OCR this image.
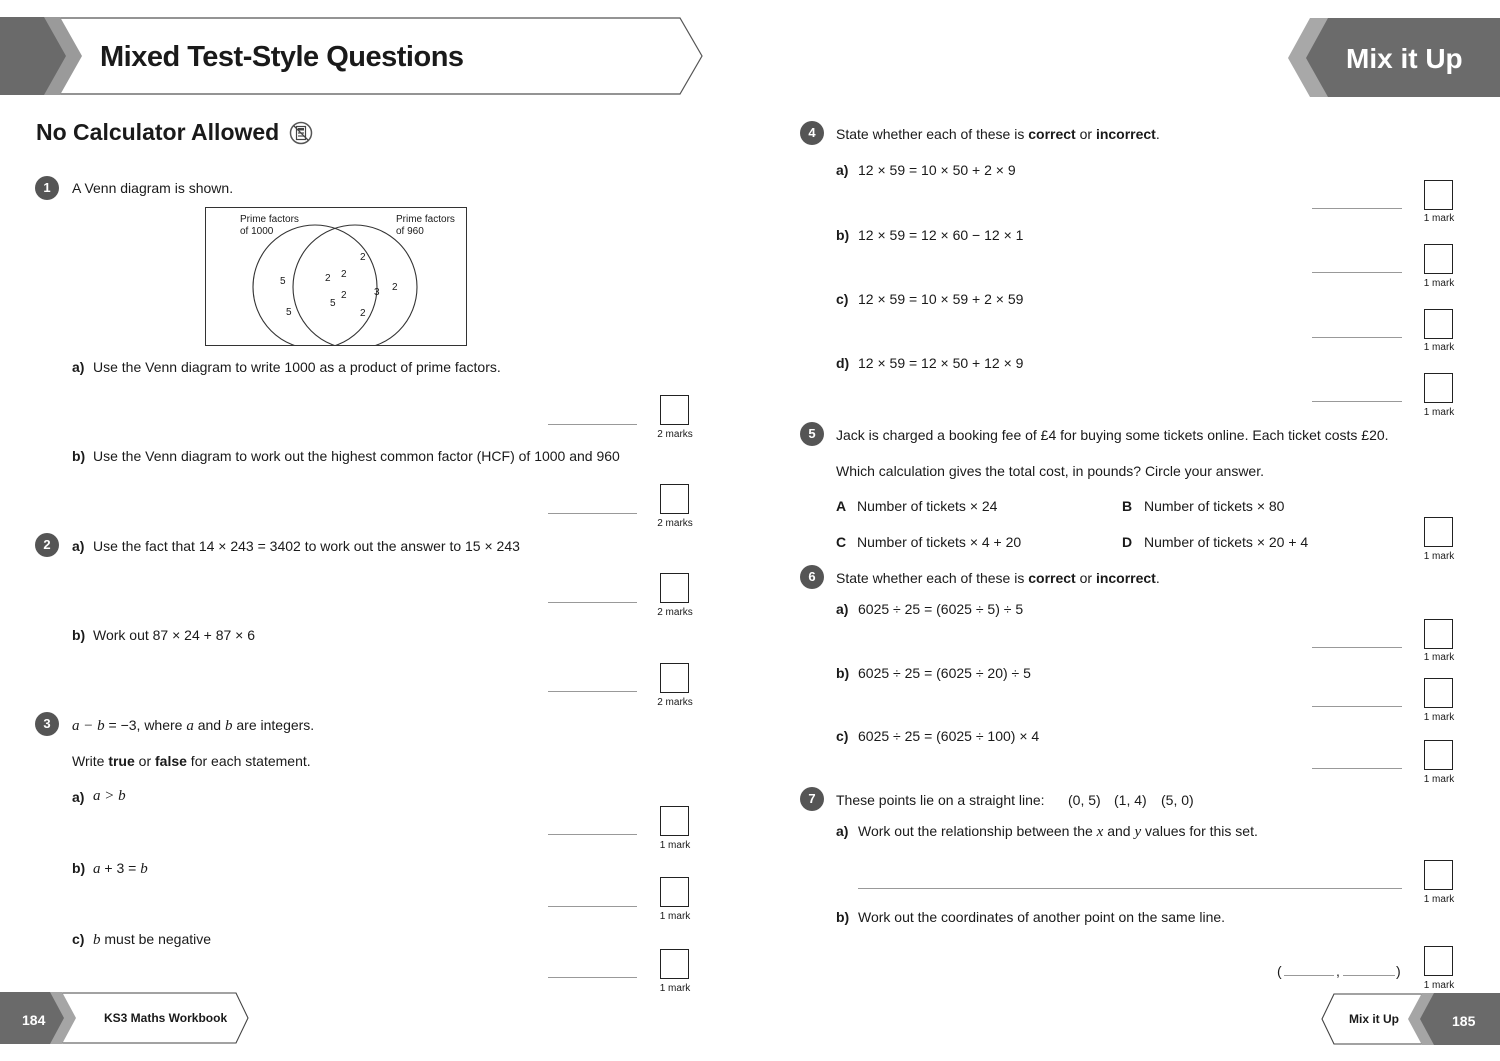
Mixed Test-Style Questions	Mix it Up
No Calculator Allowed
1	A Venn diagram is shown.
Prime factors
of 1000
Prime factors
of 960
5
5
2 2
2
5
2
2
3 2
a) Use the Venn diagram to write 1000 as a product of prime factors.
2 marks
b) Use the Venn diagram to work out the highest common factor (HCF) of 1000 and 960
2 marks
2	a) Use the fact that 14 × 243 = 3402 to work out the answer to 15 × 243
2 marks
b) Work out 87 × 24 + 87 × 6
2 marks
3	a − b = −3, where a and b are integers.
Write true or false for each statement.
a) a > b
1 mark
b) a + 3 = b
1 mark
c) b must be negative
1 mark
184	KS3 Maths Workbook
4	State whether each of these is correct or incorrect.
a) 12 × 59 = 10 × 50 + 2 × 9
1 mark
b) 12 × 59 = 12 × 60 − 12 × 1
1 mark
c) 12 × 59 = 10 × 59 + 2 × 59
1 mark
d) 12 × 59 = 12 × 50 + 12 × 9
1 mark
5	Jack is charged a booking fee of £4 for buying some tickets online. Each ticket costs £20.
Which calculation gives the total cost, in pounds? Circle your answer.
A Number of tickets × 24	B Number of tickets × 80
C Number of tickets × 4 + 20	D Number of tickets × 20 + 4
1 mark
6	State whether each of these is correct or incorrect.
a) 6025 ÷ 25 = (6025 ÷ 5) ÷ 5
1 mark
b) 6025 ÷ 25 = (6025 ÷ 20) ÷ 5
1 mark
c) 6025 ÷ 25 = (6025 ÷ 100) × 4
1 mark
7	These points lie on a straight line: (0, 5) (1, 4) (5, 0)
a) Work out the relationship between the x and y values for this set.
1 mark
b) Work out the coordinates of another point on the same line.
(	,	)
1 mark
Mix it Up	185
